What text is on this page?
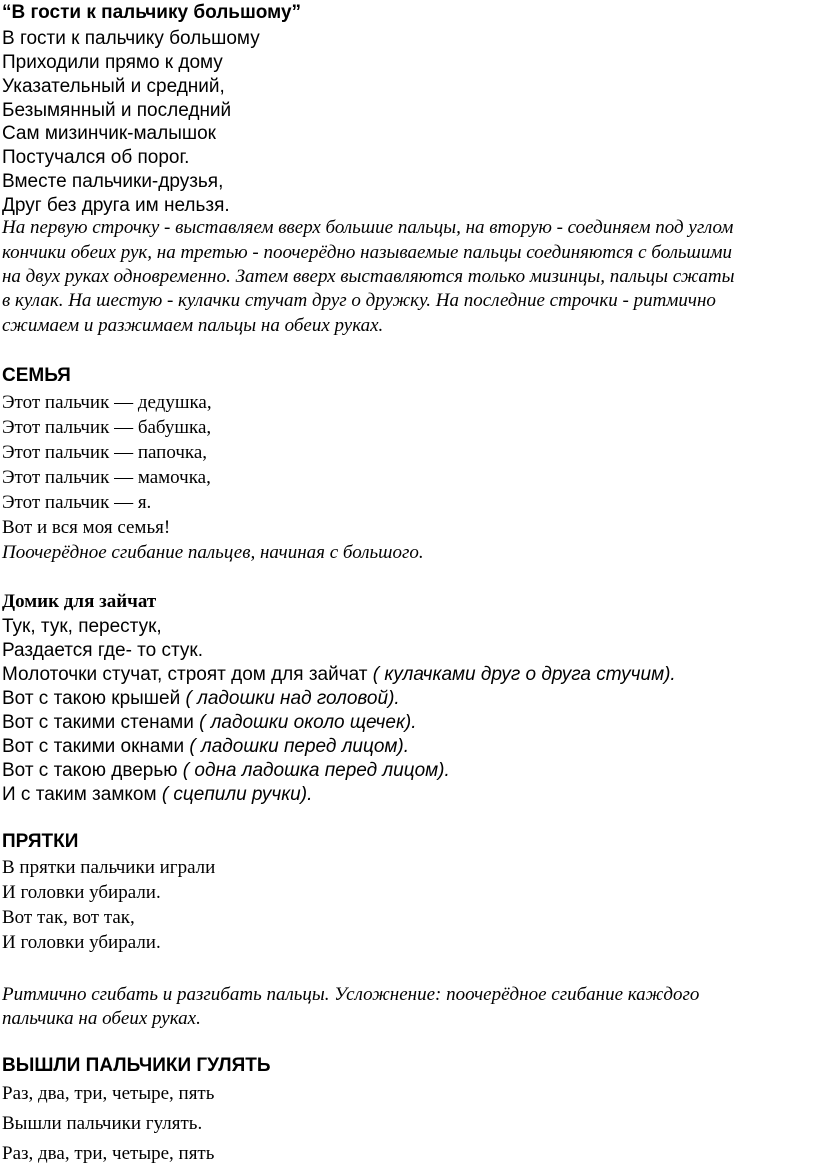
“В гости к пальчику большому”
В гости к пальчику большому
Приходили прямо к дому
Указательный и средний,
Безымянный и последний
Сам мизинчик-малышок
Постучался об порог.
Вместе пальчики-друзья,
Друг без друга им нельзя.
На первую строчку - выставляем вверх большие пальцы, на вторую - соединяем под углом
кончики обеих рук, на третью - поочерёдно называемые пальцы соединяются с большими
на двух руках одновременно. Затем вверх выставляются только мизинцы, пальцы сжаты
в кулак. На шестую - кулачки стучат друг о дружку. На последние строчки - ритмично
сжимаем и разжимаем пальцы на обеих руках.
СЕМЬЯ
Этот пальчик — дедушка,
Этот пальчик — бабушка,
Этот пальчик — папочка,
Этот пальчик — мамочка,
Этот пальчик — я.
Вот и вся моя семья!
Поочерёдное сгибание пальцев, начиная с большого.
Домик для зайчат
Тук, тук, перестук,
Раздается где- то стук.
Молоточки стучат, строят дом для зайчат ( кулачками друг о друга стучим).
Вот с такою крышей ( ладошки над головой).
Вот с такими стенами ( ладошки около щечек).
Вот с такими окнами ( ладошки перед лицом).
Вот с такою дверью ( одна ладошка перед лицом).
И с таким замком ( сцепили ручки).
ПРЯТКИ
В прятки пальчики играли
И головки убирали.
Вот так, вот так,
И головки убирали.
Ритмично сгибать и разгибать пальцы. Усложнение: поочерёдное сгибание каждого
пальчика на обеих руках.
ВЫШЛИ ПАЛЬЧИКИ ГУЛЯТЬ
Раз, два, три, четыре, пять
Вышли пальчики гулять.
Раз, два, три, четыре, пять
